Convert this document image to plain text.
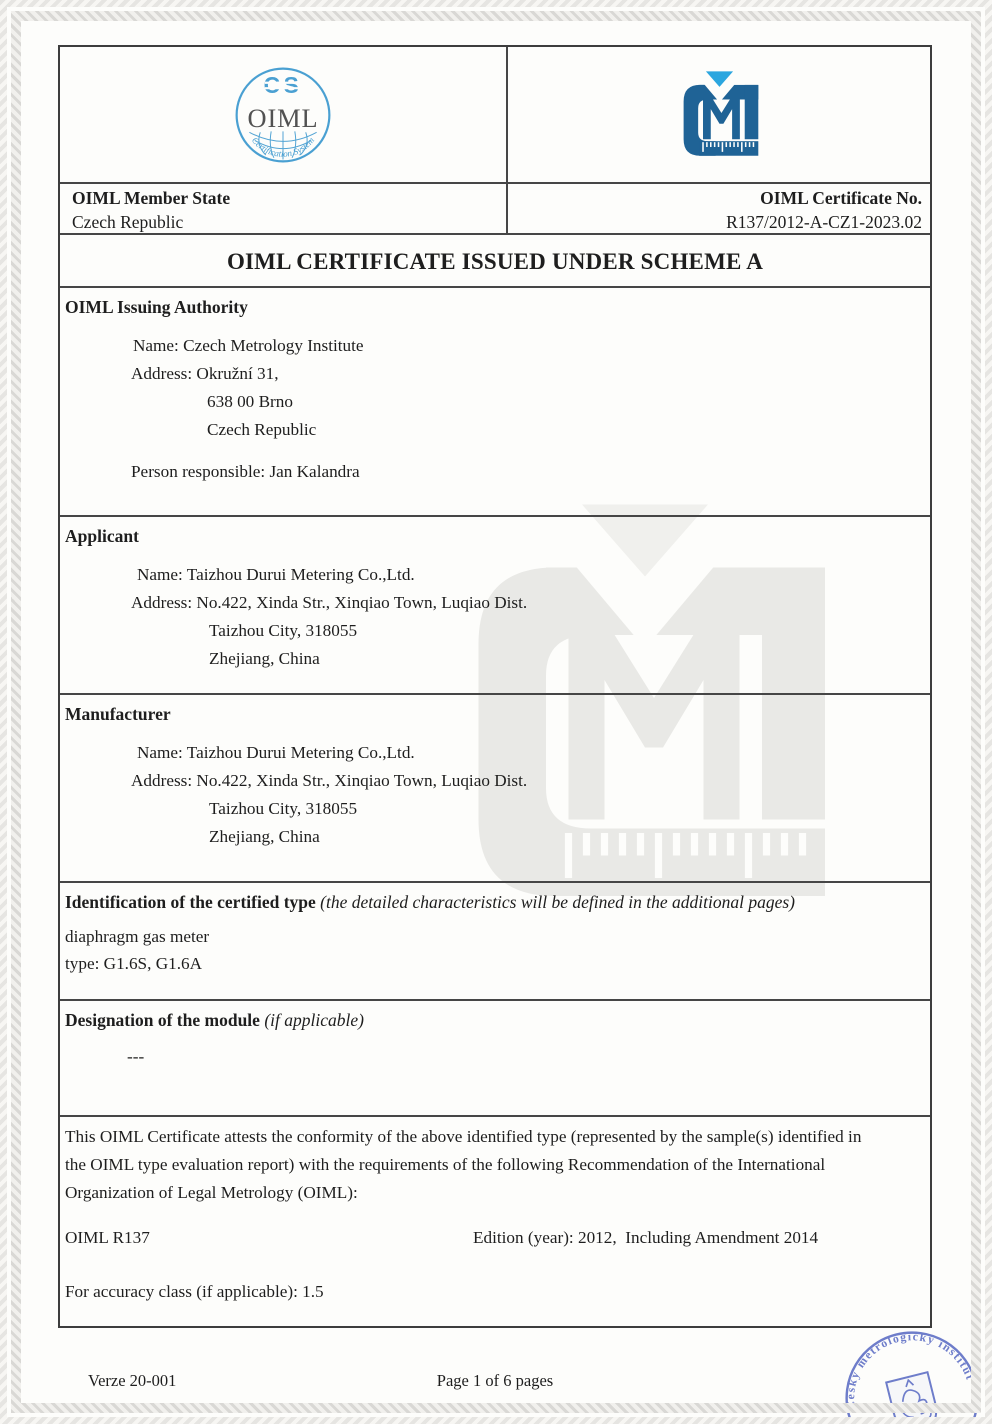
CS
OIML
Certification System
OIML Member State
Czech Republic
OIML Certificate No.
R137/2012-A-CZ1-2023.02
OIML CERTIFICATE ISSUED UNDER SCHEME A
OIML Issuing Authority
Name: Czech Metrology Institute
Address: Okružní 31,
638 00 Brno
Czech Republic
Person responsible: Jan Kalandra
Applicant
Name: Taizhou Durui Metering Co.,Ltd.
Address: No.422, Xinda Str., Xinqiao Town, Luqiao Dist.
Taizhou City, 318055
Zhejiang, China
Manufacturer
Name: Taizhou Durui Metering Co.,Ltd.
Address: No.422, Xinda Str., Xinqiao Town, Luqiao Dist.
Taizhou City, 318055
Zhejiang, China
Identification of the certified type (the detailed characteristics will be defined in the additional pages)
diaphragm gas meter
type: G1.6S, G1.6A
Designation of the module (if applicable)
---
This OIML Certificate attests the conformity of the above identified type (represented by the sample(s) identified in the OIML type evaluation report) with the requirements of the following Recommendation of the International Organization of Legal Metrology (OIML):
OIML R137	Edition (year): 2012,  Including Amendment 2014
For accuracy class (if applicable): 1.5
Verze 20-001	Page 1 of 6 pages
Český metrologický institut
